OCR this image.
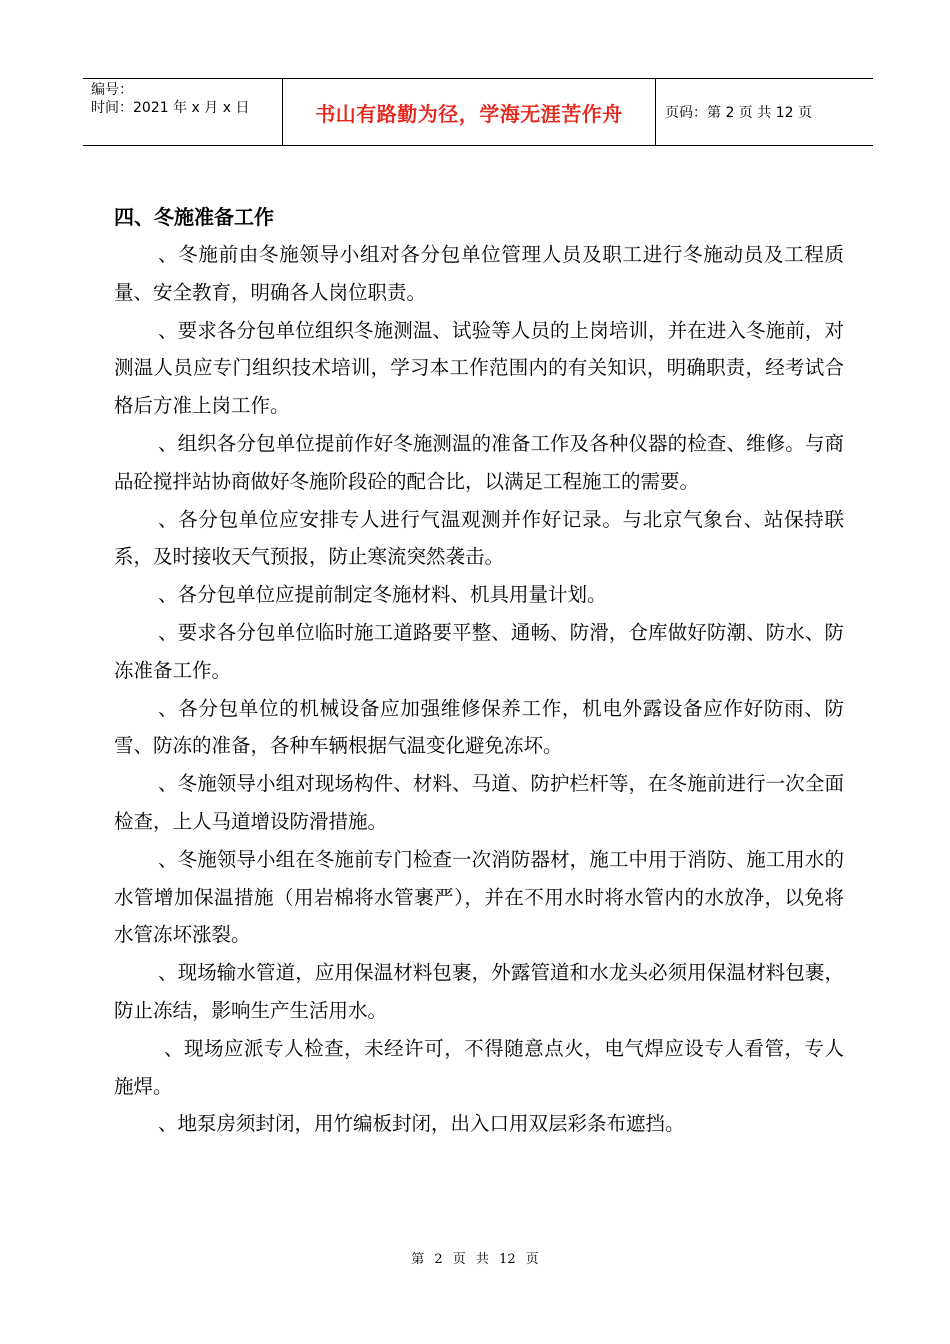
编号：
时间：2021 年 x 月 x 日	书山有路勤为径，学海无涯苦作舟	页码：第 2 页 共 12 页
四、冬施准备工作

、冬施前由冬施领导小组对各分包单位管理人员及职工进行冬施动员及工程质量、安全教育，明确各人岗位职责。

、要求各分包单位组织冬施测温、试验等人员的上岗培训，并在进入冬施前，对测温人员应专门组织技术培训，学习本工作范围内的有关知识，明确职责，经考试合格后方准上岗工作。

、组织各分包单位提前作好冬施测温的准备工作及各种仪器的检查、维修。与商品砼搅拌站协商做好冬施阶段砼的配合比，以满足工程施工的需要。

、各分包单位应安排专人进行气温观测并作好记录。与北京气象台、站保持联系，及时接收天气预报，防止寒流突然袭击。

、各分包单位应提前制定冬施材料、机具用量计划。

、要求各分包单位临时施工道路要平整、通畅、防滑，仓库做好防潮、防水、防冻准备工作。

、各分包单位的机械设备应加强维修保养工作，机电外露设备应作好防雨、防雪、防冻的准备，各种车辆根据气温变化避免冻坏。

、冬施领导小组对现场构件、材料、马道、防护栏杆等，在冬施前进行一次全面检查，上人马道增设防滑措施。

、冬施领导小组在冬施前专门检查一次消防器材，施工中用于消防、施工用水的水管增加保温措施（用岩棉将水管裹严），并在不用水时将水管内的水放净，以免将水管冻坏涨裂。

、现场输水管道，应用保温材料包裹，外露管道和水龙头必须用保温材料包裹，防止冻结，影响生产生活用水。

、现场应派专人检查，未经许可，不得随意点火，电气焊应设专人看管，专人施焊。

、地泵房须封闭，用竹编板封闭，出入口用双层彩条布遮挡。

第 2 页 共 12 页
